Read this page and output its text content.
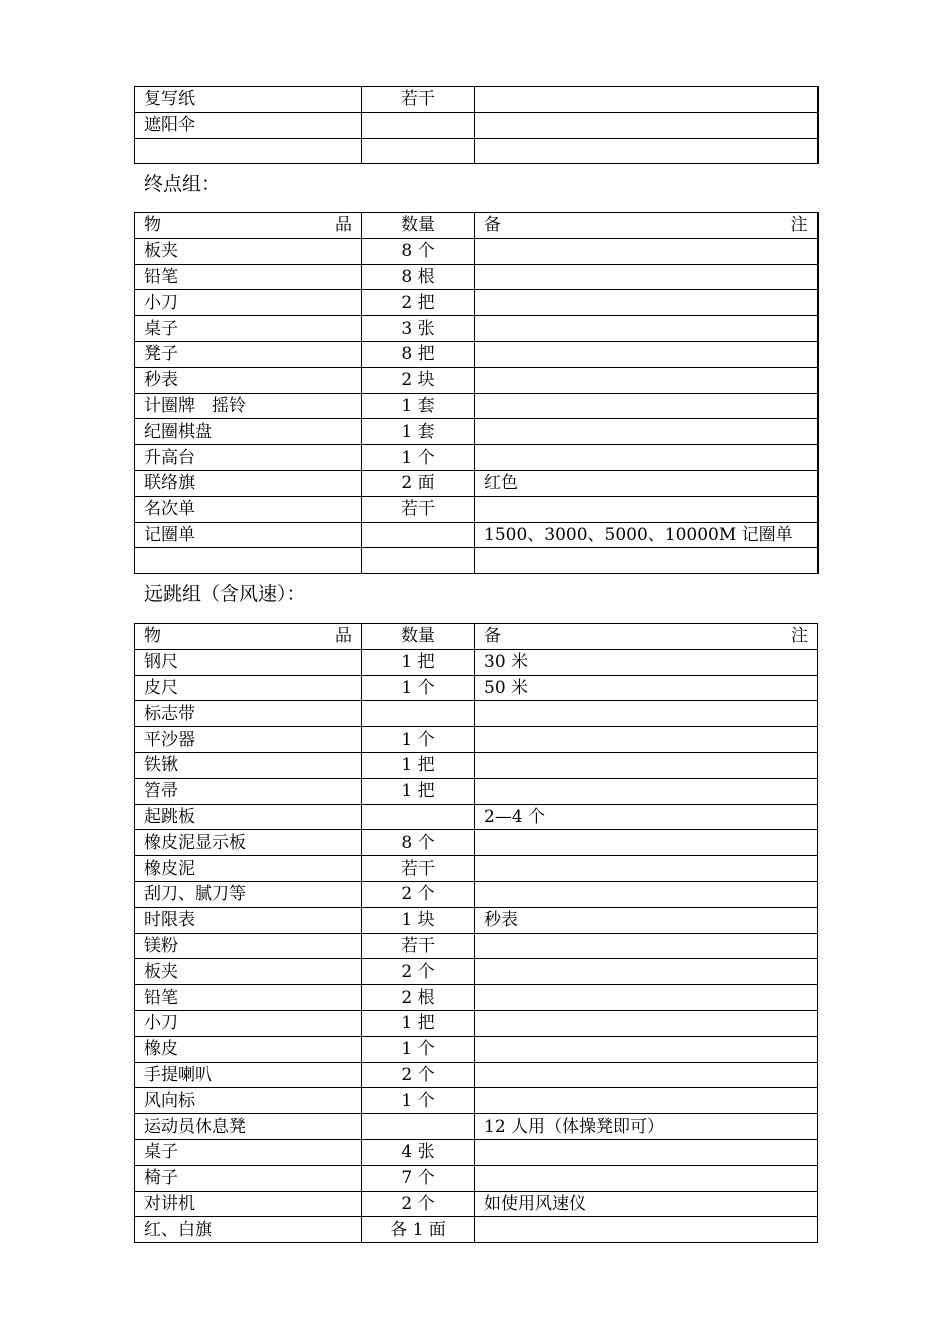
复写纸	若干	
遮阳伞		

终点组：
物 品	数量	备 注

板夹	8 个	
铅笔	8 根	
小刀	2 把	
桌子	3 张	
凳子	8 把	
秒表	2 块	
计圈牌　摇铃	1 套	
纪圈棋盘	1 套	
升高台	1 个	
联络旗	2 面	红色
名次单	若干	
记圈单		1500、3000、5000、10000M 记圈单

远跳组（含风速）：
物 品	数量	备 注

钢尺	1 把	30 米
皮尺	1 个	50 米
标志带		
平沙器	1 个	
铁锹	1 把	
笤帚	1 把	
起跳板		2—4 个
橡皮泥显示板	8 个	
橡皮泥	若干	
刮刀、腻刀等	2 个	
时限表	1 块	秒表
镁粉	若干	
板夹	2 个	
铅笔	2 根	
小刀	1 把	
橡皮	1 个	
手提喇叭	2 个	
风向标	1 个	
运动员休息凳		12 人用（体操凳即可）
桌子	4 张	
椅子	7 个	
对讲机	2 个	如使用风速仪
红、白旗	各 1 面	
